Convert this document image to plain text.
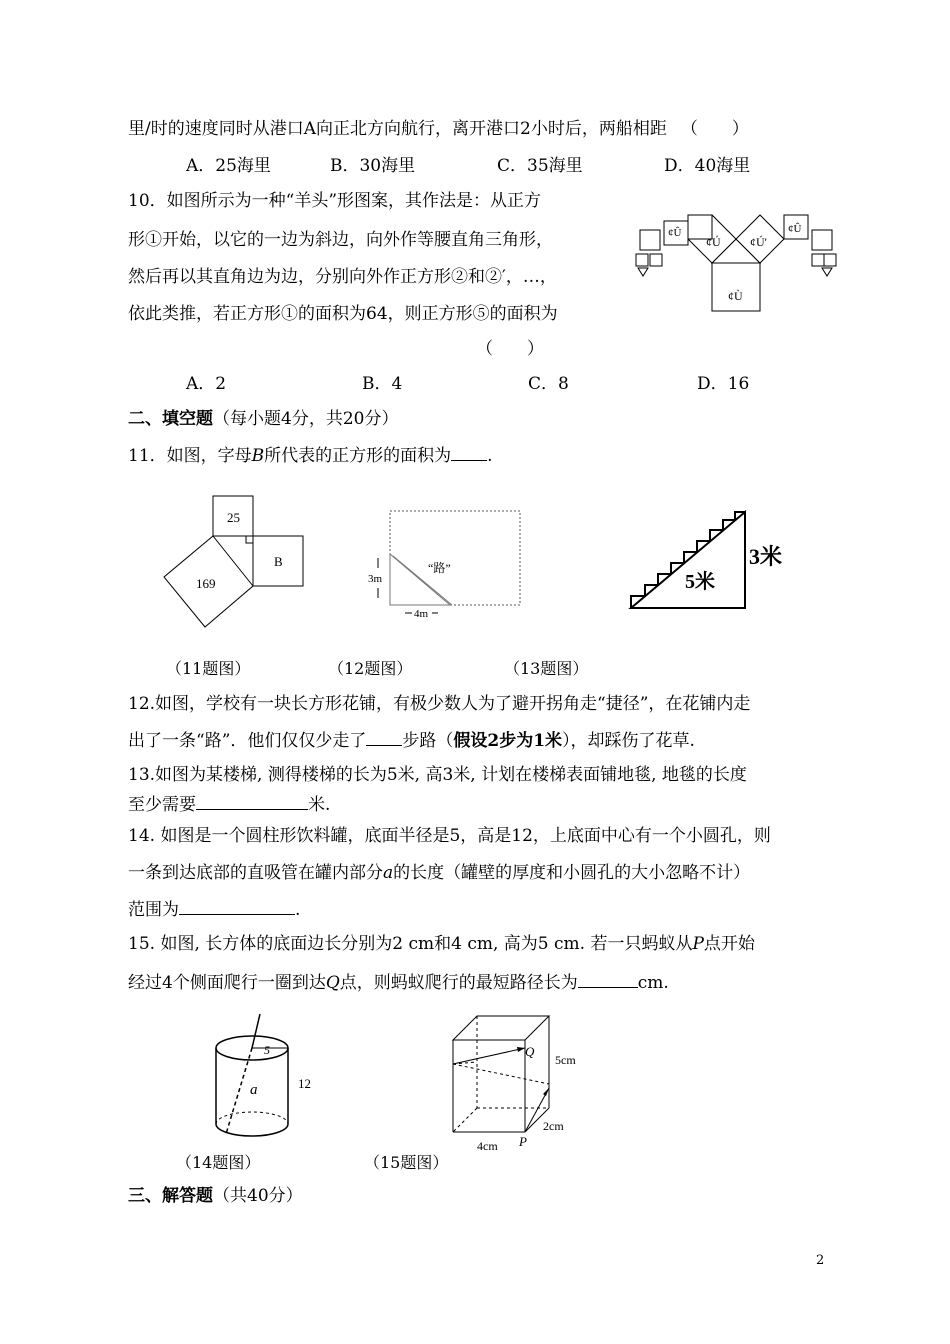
里/时的速度同时从港口A向正北方向航行，离开港口2小时后，两船相距 （　　）
A．25海里	B．30海里	C．35海里	D．40海里
10．如图所示为一种“羊头”形图案，其作法是：从正方
形①开始，以它的一边为斜边，向外作等腰直角三角形，
然后再以其直角边为边，分别向外作正方形②和②′，…，
依此类推，若正方形①的面积为64，则正方形⑤的面积为
（　　）
A．2	B．4	C．8	D．16
¢Ù
¢Ú ¢Ú'
¢Û	¢Û
二、填空题（每小题4分，共20分）
11．如图，字母B所代表的正方形的面积为 .
25
169
B
3m
“路”
4m
5米
3米
（11题图）	（12题图）	（13题图）
12.如图，学校有一块长方形花铺，有极少数人为了避开拐角走“捷径”，在花铺内走
出了一条“路”．他们仅仅少走了 步路（假设2步为1米），却踩伤了花草.
13.如图为某楼梯, 测得楼梯的长为5米, 高3米, 计划在楼梯表面铺地毯, 地毯的长度
至少需要	米.
14. 如图是一个圆柱形饮料罐，底面半径是5，高是12，上底面中心有一个小圆孔，则
一条到达底部的直吸管在罐内部分a的长度（罐壁的厚度和小圆孔的大小忽略不计）
范围为	.
15. 如图, 长方体的底面边长分别为2 cm和4 cm, 高为5 cm. 若一只蚂蚁从P点开始
经过4个侧面爬行一圈到达Q点，则蚂蚁爬行的最短路径长为	cm.
5
a	12
Q
5cm
2cm
4cm P
（14题图）	（15题图）
三、解答题（共40分）
2
